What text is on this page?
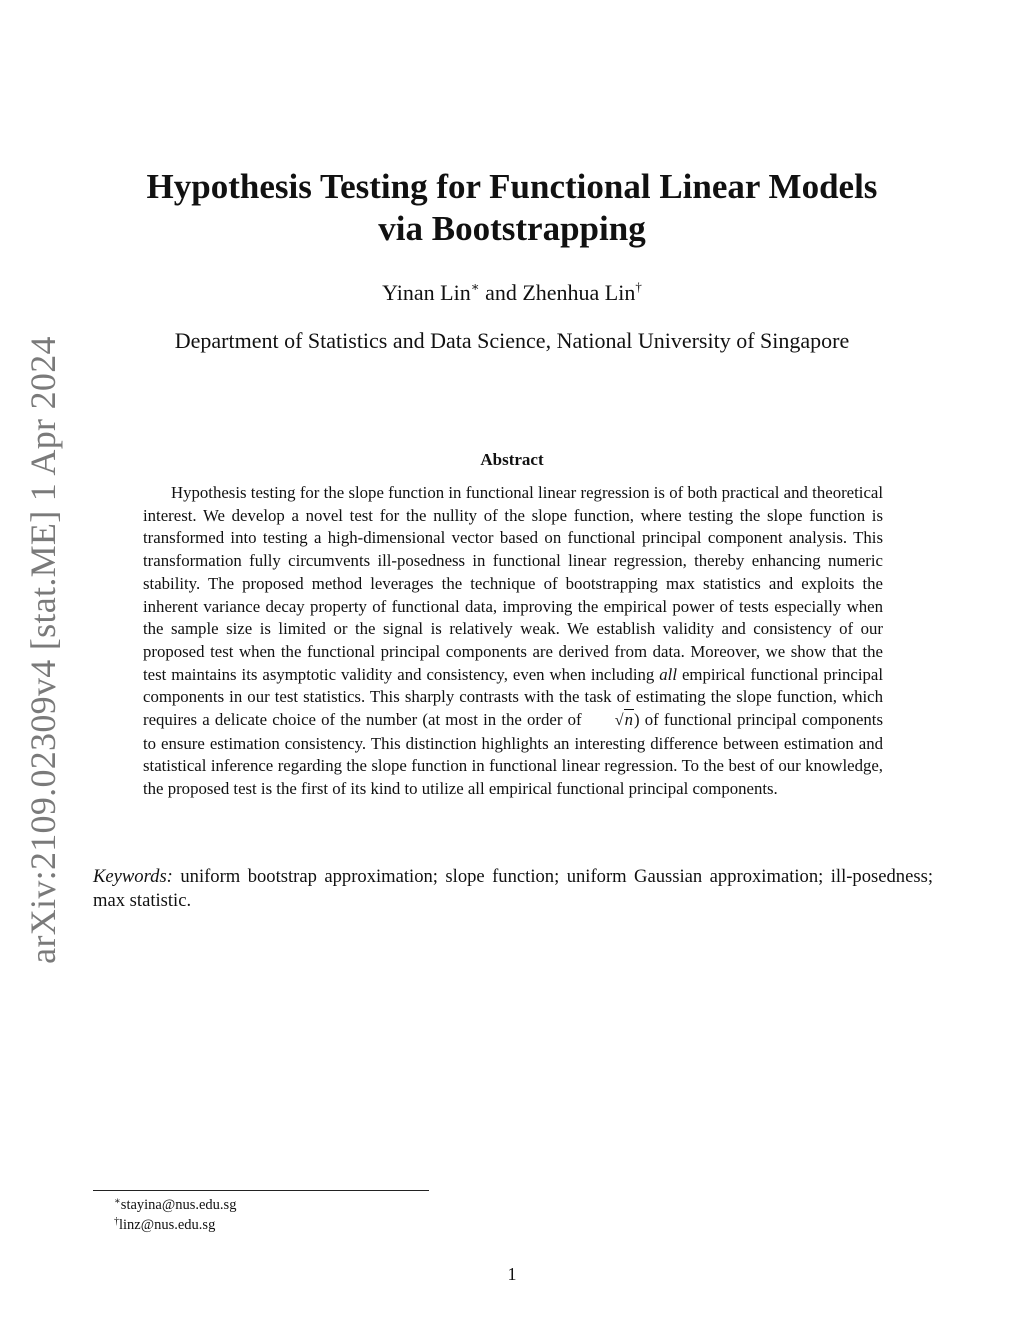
arXiv:2109.02309v4 [stat.ME] 1 Apr 2024
Hypothesis Testing for Functional Linear Models
via Bootstrapping
Yinan Lin∗ and Zhenhua Lin†
Department of Statistics and Data Science, National University of Singapore
Abstract

Hypothesis testing for the slope function in functional linear regression is of both practical and theoretical interest. We develop a novel test for the nullity of the slope function, where testing the slope function is transformed into testing a high-dimensional vector based on functional principal component analysis. This transformation fully circumvents ill-posedness in functional linear regression, thereby enhancing numeric stability. The proposed method leverages the technique of bootstrapping max statistics and exploits the inherent variance decay property of functional data, improving the empirical power of tests especially when the sample size is limited or the signal is relatively weak. We establish validity and consistency of our proposed test when the functional principal components are derived from data. Moreover, we show that the test maintains its asymptotic validity and consistency, even when including all empirical functional principal components in our test statistics. This sharply contrasts with the task of estimating the slope function, which requires a delicate choice of the number (at most in the order of √n) of functional principal components to ensure estimation consistency. This distinction highlights an interesting difference between estimation and statistical inference regarding the slope function in functional linear regression. To the best of our knowledge, the proposed test is the first of its kind to utilize all empirical functional principal components.

Keywords: uniform bootstrap approximation; slope function; uniform Gaussian approximation; ill-posedness; max statistic.
∗stayina@nus.edu.sg
†linz@nus.edu.sg
1
